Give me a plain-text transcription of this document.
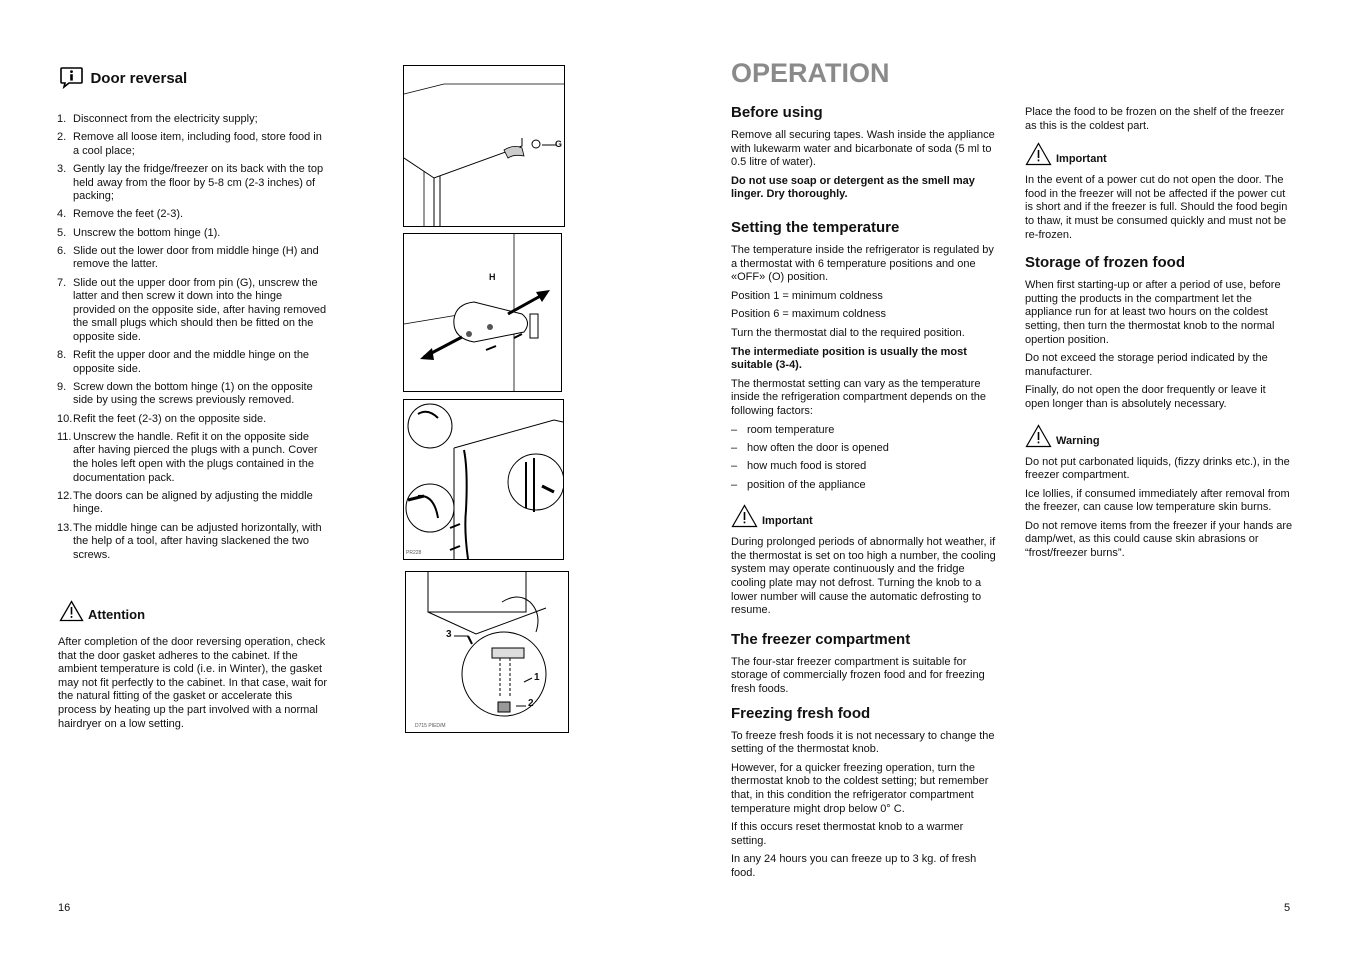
Door reversal
1. Disconnect from the electricity supply;
2. Remove all loose item, including food, store food in a cool place;
3. Gently lay the fridge/freezer on its back with the top held away from the floor by 5-8 cm (2-3 inches) of packing;
4. Remove the feet (2-3).
5. Unscrew the bottom hinge (1).
6. Slide out the lower door from middle hinge (H) and remove the latter.
7. Slide out the upper door from pin (G), unscrew the latter and then screw it down into the hinge provided on the opposite side, after having removed the small plugs which should then be fitted on the opposite side.
8. Refit the upper door and the middle hinge on the opposite side.
9. Screw down the bottom hinge (1) on the opposite side by using the screws previously removed.
10. Refit the feet (2-3) on the opposite side.
11. Unscrew the handle. Refit it on the opposite side after having pierced the plugs with a punch. Cover the holes left open with the plugs contained in the documentation pack.
12. The doors can be aligned by adjusting the middle hinge.
13. The middle hinge can be adjusted horizontally, with the help of a tool, after having slackened the two screws.
Attention

After completion of the door reversing operation, check that the door gasket adheres to the cabinet. If the ambient temperature is cold (i.e. in Winter), the gasket may not fit perfectly to the cabinet. In that case, wait for the natural fitting of the gasket or accelerate this process by heating up the part involved with a normal hairdryer on a low setting.

G
H
PR228
3
1
2
D715 PIED/M
16
OPERATION
Before using

Remove all securing tapes. Wash inside the appliance with lukewarm water and bicarbonate of soda (5 ml to 0.5 litre of water).

Do not use soap or detergent as the smell may linger. Dry thoroughly.

Setting the temperature

The temperature inside the refrigerator is regulated by a thermostat with 6 temperature positions and one «OFF» (O) position.

Position 1 = minimum coldness

Position 6 = maximum coldness

Turn the thermostat dial to the required position.

The intermediate position is usually the most suitable (3-4).

The thermostat setting can vary as the temperature inside the refrigeration compartment depends on the following factors:

– room temperature
– how often the door is opened
– how much food is stored
– position of the appliance
Important

During prolonged periods of abnormally hot weather, if the thermostat is set on too high a number, the cooling system may operate continuously and the fridge cooling plate may not defrost. Turning the knob to a lower number will cause the automatic defrosting to resume.

The freezer compartment

The four-star freezer compartment is suitable for storage of commercially frozen food and for freezing fresh foods.

Freezing fresh food

To freeze fresh foods it is not necessary to change the setting of the thermostat knob.

However, for a quicker freezing operation, turn the thermostat knob to the coldest setting; but remember that, in this condition the refrigerator compartment temperature might drop below 0° C.

If this occurs reset thermostat knob to a warmer setting.

In any 24 hours you can freeze up to 3 kg. of fresh food.

Place the food to be frozen on the shelf of the freezer as this is the coldest part.

Important

In the event of a power cut do not open the door. The food in the freezer will not be affected if the power cut is short and if the freezer is full. Should the food begin to thaw, it must be consumed quickly and must not be re-frozen.

Storage of frozen food

When first starting-up or after a period of use, before putting the products in the compartment let the appliance run for at least two hours on the coldest setting, then turn the thermostat knob to the normal opertion position.

Do not exceed the storage period indicated by the manufacturer.

Finally, do not open the door frequently or leave it open longer than is absolutely necessary.

Warning

Do not put carbonated liquids, (fizzy drinks etc.), in the freezer compartment.

Ice lollies, if consumed immediately after removal from the freezer, can cause low temperature skin burns.

Do not remove items from the freezer if your hands are damp/wet, as this could cause skin abrasions or “frost/freezer burns”.

5
